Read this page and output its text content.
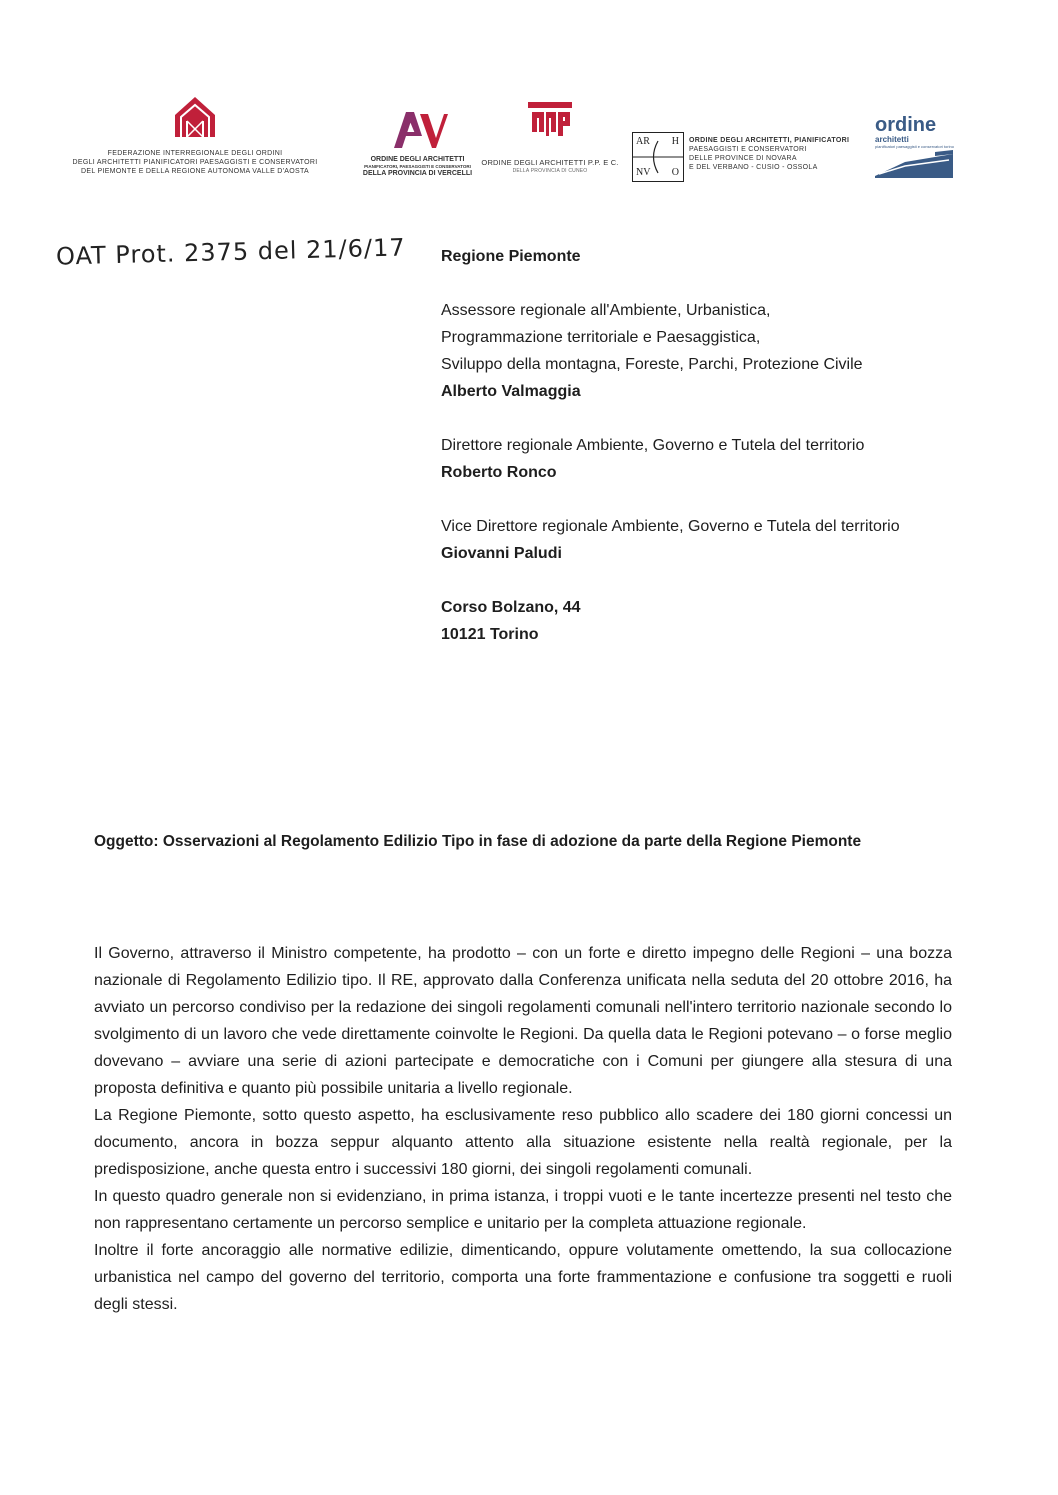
FEDERAZIONE INTERREGIONALE DEGLI ORDINI
DEGLI ARCHITETTI PIANIFICATORI PAESAGGISTI E CONSERVATORI
DEL PIEMONTE E DELLA REGIONE AUTONOMA VALLE D'AOSTA
ORDINE DEGLI ARCHITETTI
PIANIFICATORI, PAESAGGISTI E CONSERVATORI
DELLA PROVINCIA DI VERCELLI
ORDINE DEGLI ARCHITETTI P.P. E C.
DELLA PROVINCIA DI CUNEO
AR H
NV O
ORDINE DEGLI ARCHITETTI, PIANIFICATORI
PAESAGGISTI E CONSERVATORI
DELLE PROVINCE DI NOVARA
E DEL VERBANO - CUSIO - OSSOLA
ordine
architetti
pianificatori paesaggisti e conservatori torino
OAT Prot. 2375 del 21/6/17 Regione Piemonte
Assessore regionale all'Ambiente, Urbanistica,
Programmazione territoriale e Paesaggistica,
Sviluppo della montagna, Foreste, Parchi, Protezione Civile
Alberto Valmaggia
Direttore regionale Ambiente, Governo e Tutela del territorio
Roberto Ronco
Vice Direttore regionale Ambiente, Governo e Tutela del territorio
Giovanni Paludi
Corso Bolzano, 44
10121 Torino
Oggetto: Osservazioni al Regolamento Edilizio Tipo in fase di adozione da parte della Regione Piemonte

Il Governo, attraverso il Ministro competente, ha prodotto – con un forte e diretto impegno delle Regioni – una bozza nazionale di Regolamento Edilizio tipo. Il RE, approvato dalla Conferenza unificata nella seduta del 20 ottobre 2016, ha avviato un percorso condiviso per la redazione dei singoli regolamenti comunali nell'intero territorio nazionale secondo lo svolgimento di un lavoro che vede direttamente coinvolte le Regioni. Da quella data le Regioni potevano – o forse meglio dovevano – avviare una serie di azioni partecipate e democratiche con i Comuni per giungere alla stesura di una proposta definitiva e quanto più possibile unitaria a livello regionale.

La Regione Piemonte, sotto questo aspetto, ha esclusivamente reso pubblico allo scadere dei 180 giorni concessi un documento, ancora in bozza seppur alquanto attento alla situazione esistente nella realtà regionale, per la predisposizione, anche questa entro i successivi 180 giorni, dei singoli regolamenti comunali.

In questo quadro generale non si evidenziano, in prima istanza, i troppi vuoti e le tante incertezze presenti nel testo che non rappresentano certamente un percorso semplice e unitario per la completa attuazione regionale.

Inoltre il forte ancoraggio alle normative edilizie, dimenticando, oppure volutamente omettendo, la sua collocazione urbanistica nel campo del governo del territorio, comporta una forte frammentazione e confusione tra soggetti e ruoli degli stessi.
